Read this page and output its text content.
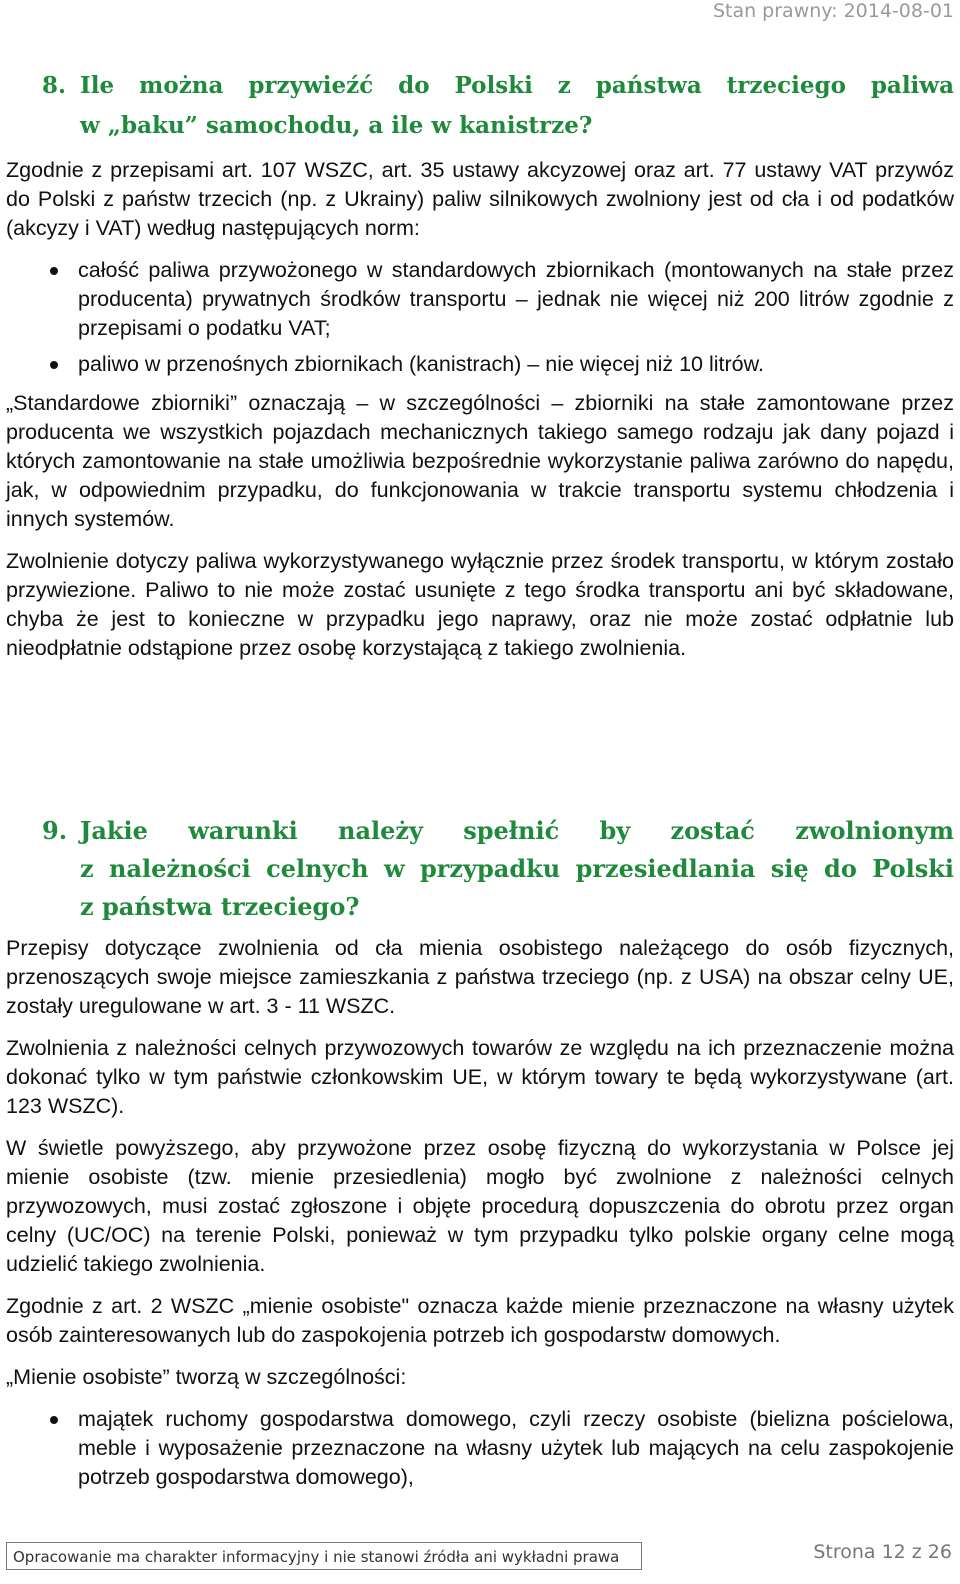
Stan prawny: 2014-08-01
8. Ile można przywieźć do Polski z państwa trzeciego paliwa
w „baku” samochodu, a ile w kanistrze?

Zgodnie z przepisami art. 107 WSZC, art. 35 ustawy akcyzowej oraz art. 77 ustawy VAT przywóz do Polski z państw trzecich (np. z Ukrainy) paliw silnikowych zwolniony jest od cła i od podatków (akcyzy i VAT) według następujących norm:

całość paliwa przywożonego w standardowych zbiornikach (montowanych na stałe przez producenta) prywatnych środków transportu – jednak nie więcej niż 200 litrów zgodnie z przepisami o podatku VAT;
paliwo w przenośnych zbiornikach (kanistrach) – nie więcej niż 10 litrów.

„Standardowe zbiorniki” oznaczają – w szczególności – zbiorniki na stałe zamontowane przez producenta we wszystkich pojazdach mechanicznych takiego samego rodzaju jak dany pojazd i których zamontowanie na stałe umożliwia bezpośrednie wykorzystanie paliwa zarówno do napędu, jak, w odpowiednim przypadku, do funkcjonowania w trakcie transportu systemu chłodzenia i innych systemów.

Zwolnienie dotyczy paliwa wykorzystywanego wyłącznie przez środek transportu, w którym zostało przywiezione. Paliwo to nie może zostać usunięte z tego środka transportu ani być składowane, chyba że jest to konieczne w przypadku jego naprawy, oraz nie może zostać odpłatnie lub nieodpłatnie odstąpione przez osobę korzystającą z takiego zwolnienia.

9. Jakie warunki należy spełnić by zostać zwolnionym
z należności celnych w przypadku przesiedlania się do Polski
z państwa trzeciego?

Przepisy dotyczące zwolnienia od cła mienia osobistego należącego do osób fizycznych, przenoszących swoje miejsce zamieszkania z państwa trzeciego (np. z USA) na obszar celny UE, zostały uregulowane w art. 3 - 11 WSZC.

Zwolnienia z należności celnych przywozowych towarów ze względu na ich przeznaczenie można dokonać tylko w tym państwie członkowskim UE, w którym towary te będą wykorzystywane (art. 123 WSZC).

W świetle powyższego, aby przywożone przez osobę fizyczną do wykorzystania w Polsce jej mienie osobiste (tzw. mienie przesiedlenia) mogło być zwolnione z należności celnych przywozowych, musi zostać zgłoszone i objęte procedurą dopuszczenia do obrotu przez organ celny (UC/OC) na terenie Polski, ponieważ w tym przypadku tylko polskie organy celne mogą udzielić takiego zwolnienia.

Zgodnie z art. 2 WSZC „mienie osobiste" oznacza każde mienie przeznaczone na własny użytek osób zainteresowanych lub do zaspokojenia potrzeb ich gospodarstw domowych.

„Mienie osobiste” tworzą w szczególności:

majątek ruchomy gospodarstwa domowego, czyli rzeczy osobiste (bielizna pościelowa, meble i wyposażenie przeznaczone na własny użytek lub mających na celu zaspokojenie potrzeb gospodarstwa domowego),
Opracowanie ma charakter informacyjny i nie stanowi źródła ani wykładni prawa	Strona 12 z 26
